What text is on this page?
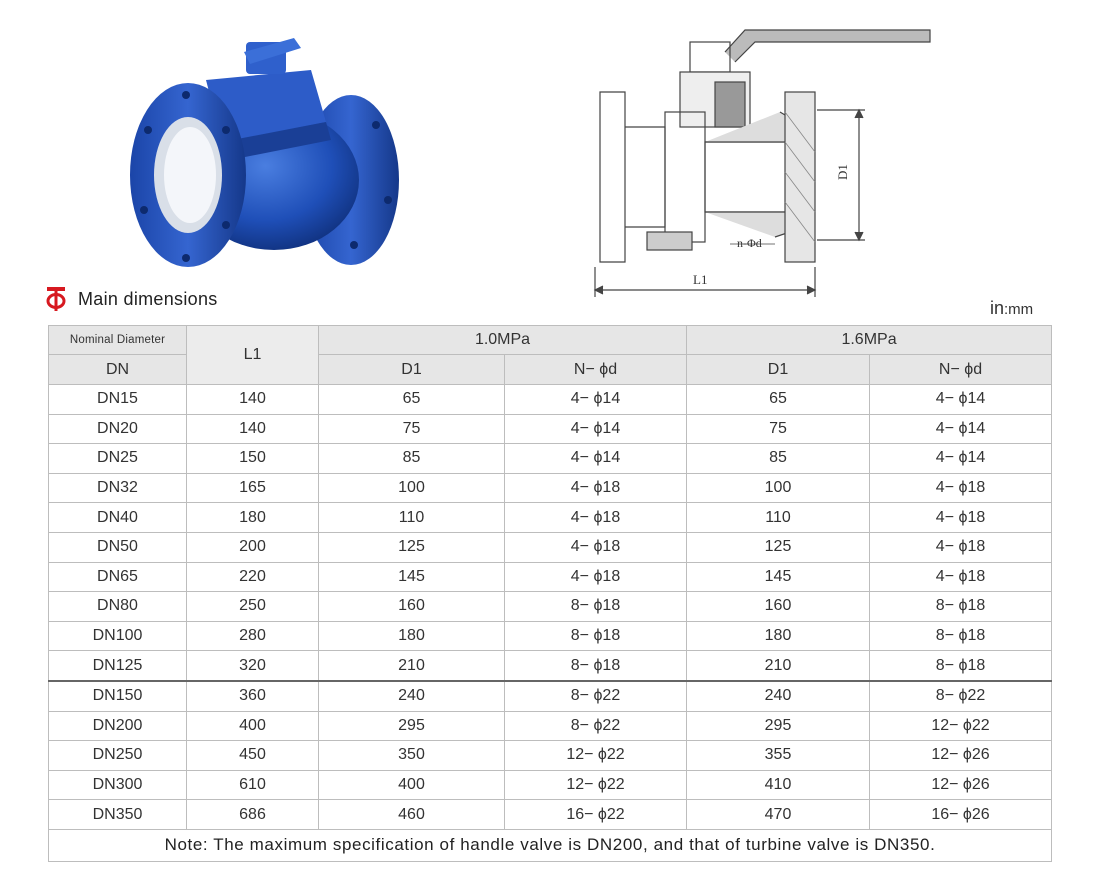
D1
n-Φd
L1
Main dimensions	in:mm
Nominal Diameter	L1	1.0MPa		1.6MPa	
DN		D1	N− ϕd	D1	N− ϕd
DN15	140	65	4− ϕ14	65	4− ϕ14
DN20	140	75	4− ϕ14	75	4− ϕ14
DN25	150	85	4− ϕ14	85	4− ϕ14
DN32	165	100	4− ϕ18	100	4− ϕ18
DN40	180	110	4− ϕ18	110	4− ϕ18
DN50	200	125	4− ϕ18	125	4− ϕ18
DN65	220	145	4− ϕ18	145	4− ϕ18
DN80	250	160	8− ϕ18	160	8− ϕ18
DN100	280	180	8− ϕ18	180	8− ϕ18
DN125	320	210	8− ϕ18	210	8− ϕ18
DN150	360	240	8− ϕ22	240	8− ϕ22
DN200	400	295	8− ϕ22	295	12− ϕ22
DN250	450	350	12− ϕ22	355	12− ϕ26
DN300	610	400	12− ϕ22	410	12− ϕ26
DN350	686	460	16− ϕ22	470	16− ϕ26
Note: The maximum specification of handle valve is DN200, and that of turbine valve is DN350.					
